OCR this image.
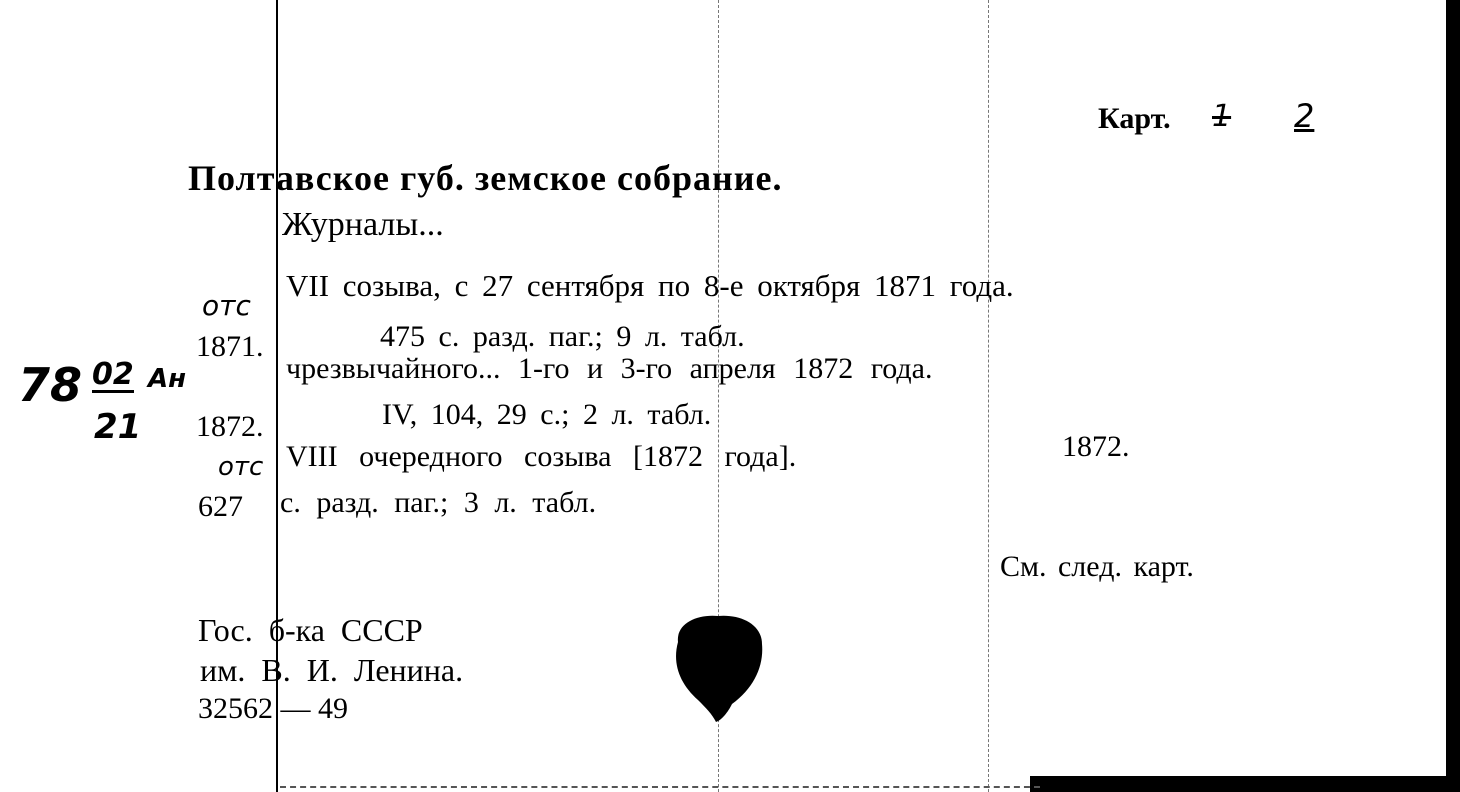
Карт. 1 2
Полтавское губ. земское собрание.
Журналы...
отс
1871.
VII созыва, с 27 сентября по 8-е октября 1871 года.
475 с. разд. паг.; 9 л. табл.
78 02 Ан
21
чрезвычайного... 1-го и 3-го апреля 1872 года.
1872.	IV, 104, 29 с.; 2 л. табл.
отс VIII очередного созыва [1872 года].	1872.
627 с. разд. паг.; 3 л. табл.
См. след. карт.
Гос. б-ка СССР
им. В. И. Ленина.
32562 — 49
